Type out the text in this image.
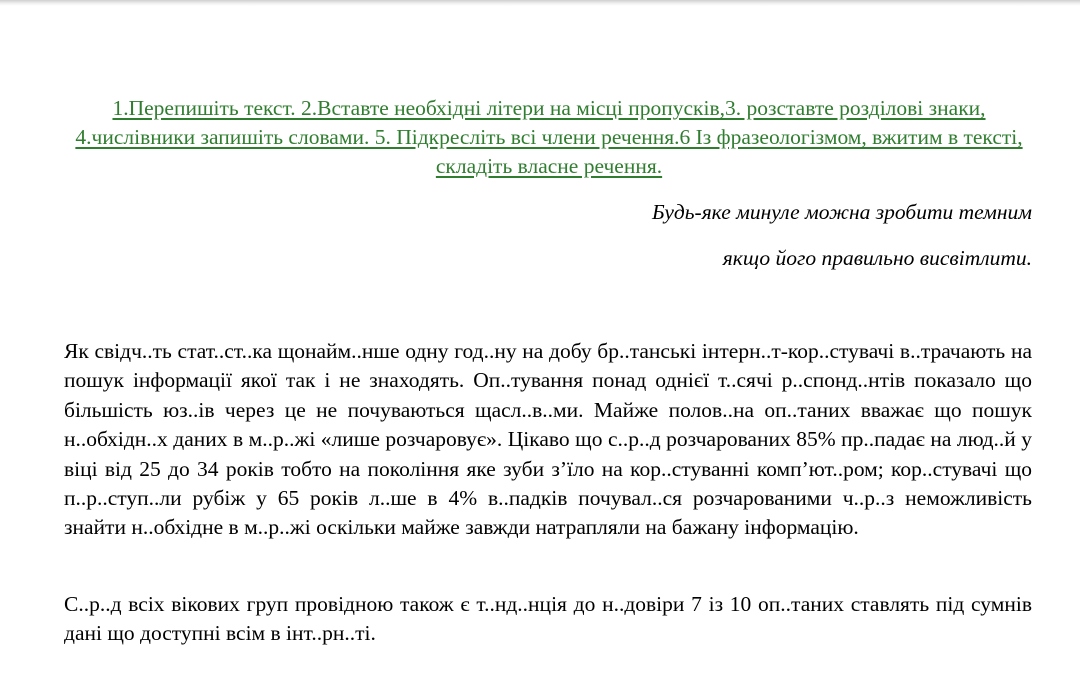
1.Перепишіть текст. 2.Вставте необхідні літери на місці пропусків,3. розставте розділові знаки, 4.числівники запишіть словами. 5. Підкресліть всі члени речення.6 Із фразеологізмом, вжитим в тексті, складіть власне речення.
Будь-яке минуле можна зробити темним
якщо його правильно висвітлити.

Як свідч..ть стат..ст..ка щонайм..нше одну год..ну на добу бр..танські інтерн..т-кор..стувачі в..трачають на пошук інформації якої так і не знаходять. Оп..тування понад однієї т..сячі р..спонд..нтів показало що більшість юз..ів через це не почуваються щасл..в..ми. Майже полов..на оп..таних вважає що пошук н..обхідн..х даних в м..р..жі «лише розчаровує». Цікаво що с..р..д розчарованих 85% пр..падає на люд..й у віці від 25 до 34 років тобто на покоління яке зуби з’їло на кор..стуванні комп’ют..ром; кор..стувачі що п..р..ступ..ли рубіж у 65 років л..ше в 4% в..падків почувал..ся розчарованими ч..р..з неможливість знайти н..обхідне в м..р..жі оскільки майже завжди натрапляли на бажану інформацію.

С..р..д всіх вікових груп провідною також є т..нд..нція до н..довіри 7 із 10 оп..таних ставлять під сумнів дані що доступні всім в інт..рн..ті.
